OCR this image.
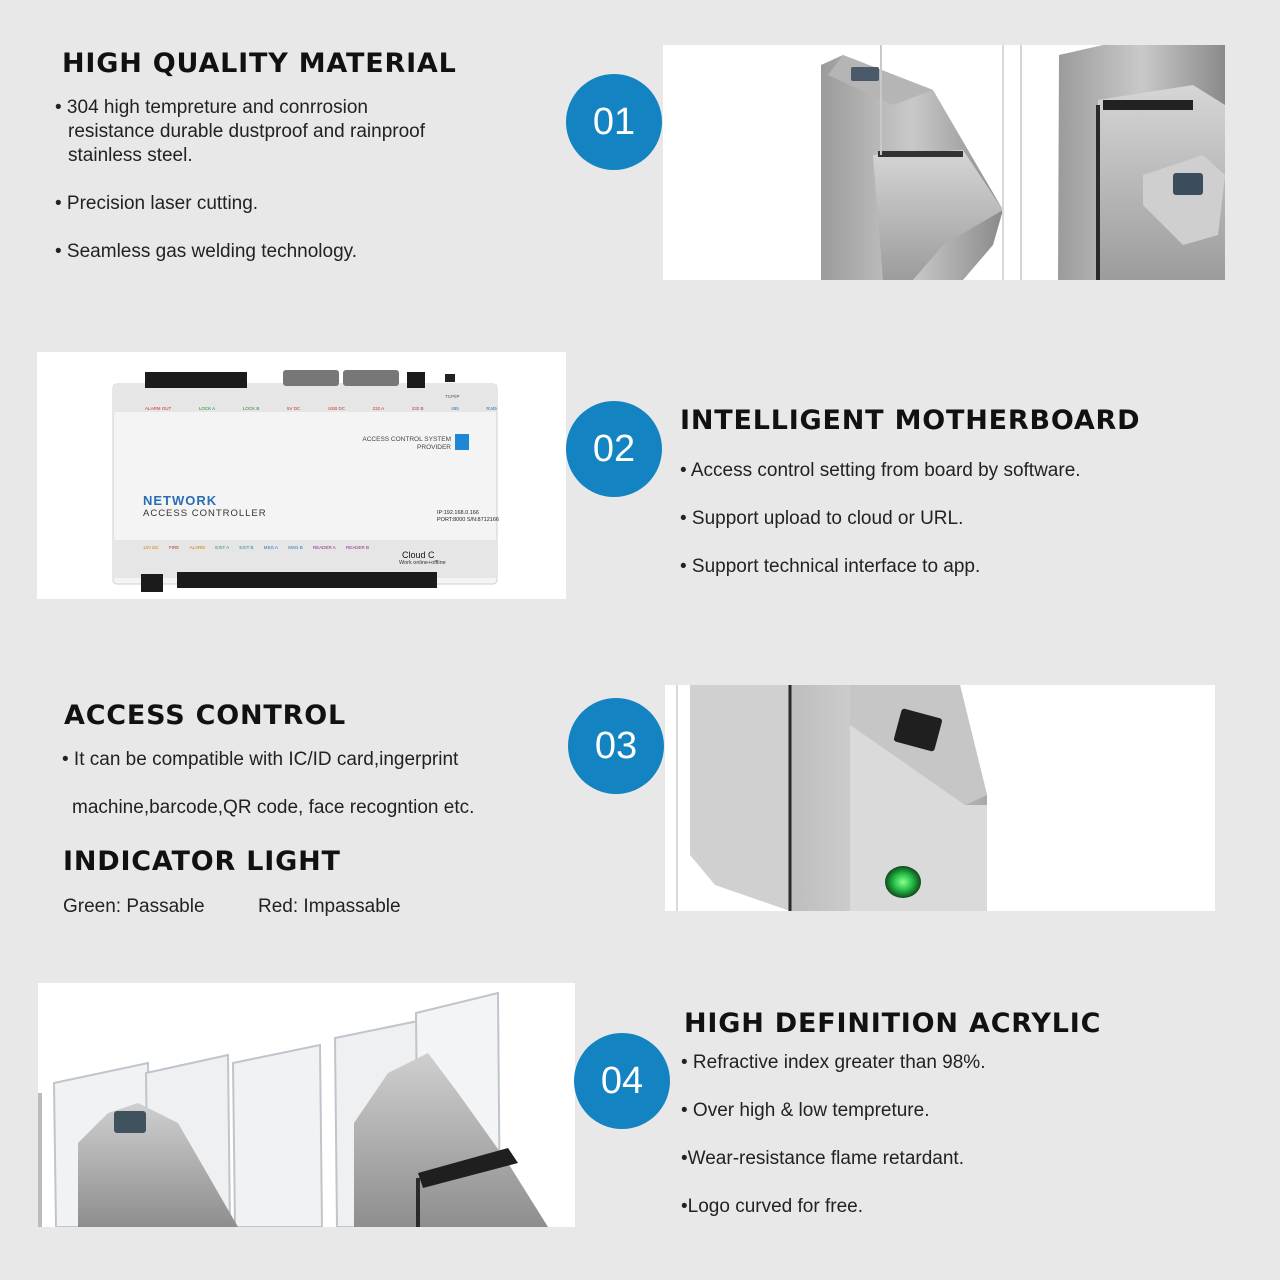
HIGH QUALITY MATERIAL
• 304 high tempreture and conrrosion
resistance durable dustproof and rainproof
stainless steel.
• Precision laser cutting.
• Seamless gas welding technology.
01
ACCESS CONTROL SYSTEM
PROVIDER
NETWORK
ACCESS CONTROLLER	IP:192.168.0.166
PORT:8000 S/N:8712166
Cloud C
Work online+offline
ALARM OUT	LOCK A	LOCK B	5V DC	USB DC	232 A	232 B	485	RJ45
TCP/IP
12V DC FIRE ALARM EXIT A EXIT B MSG A MSG B READER A READER B
02
INTELLIGENT MOTHERBOARD
• Access control setting from board by software.
• Support upload to cloud or URL.
• Support technical interface to app.
ACCESS CONTROL
• It can be compatible with IC/ID card,ingerprint
machine,barcode,QR code, face recogntion etc.
INDICATOR LIGHT
Green: Passable	Red: Impassable
03
04
HIGH DEFINITION ACRYLIC
• Refractive index greater than 98%.
• Over high & low tempreture.
•Wear-resistance flame retardant.
•Logo curved for free.
